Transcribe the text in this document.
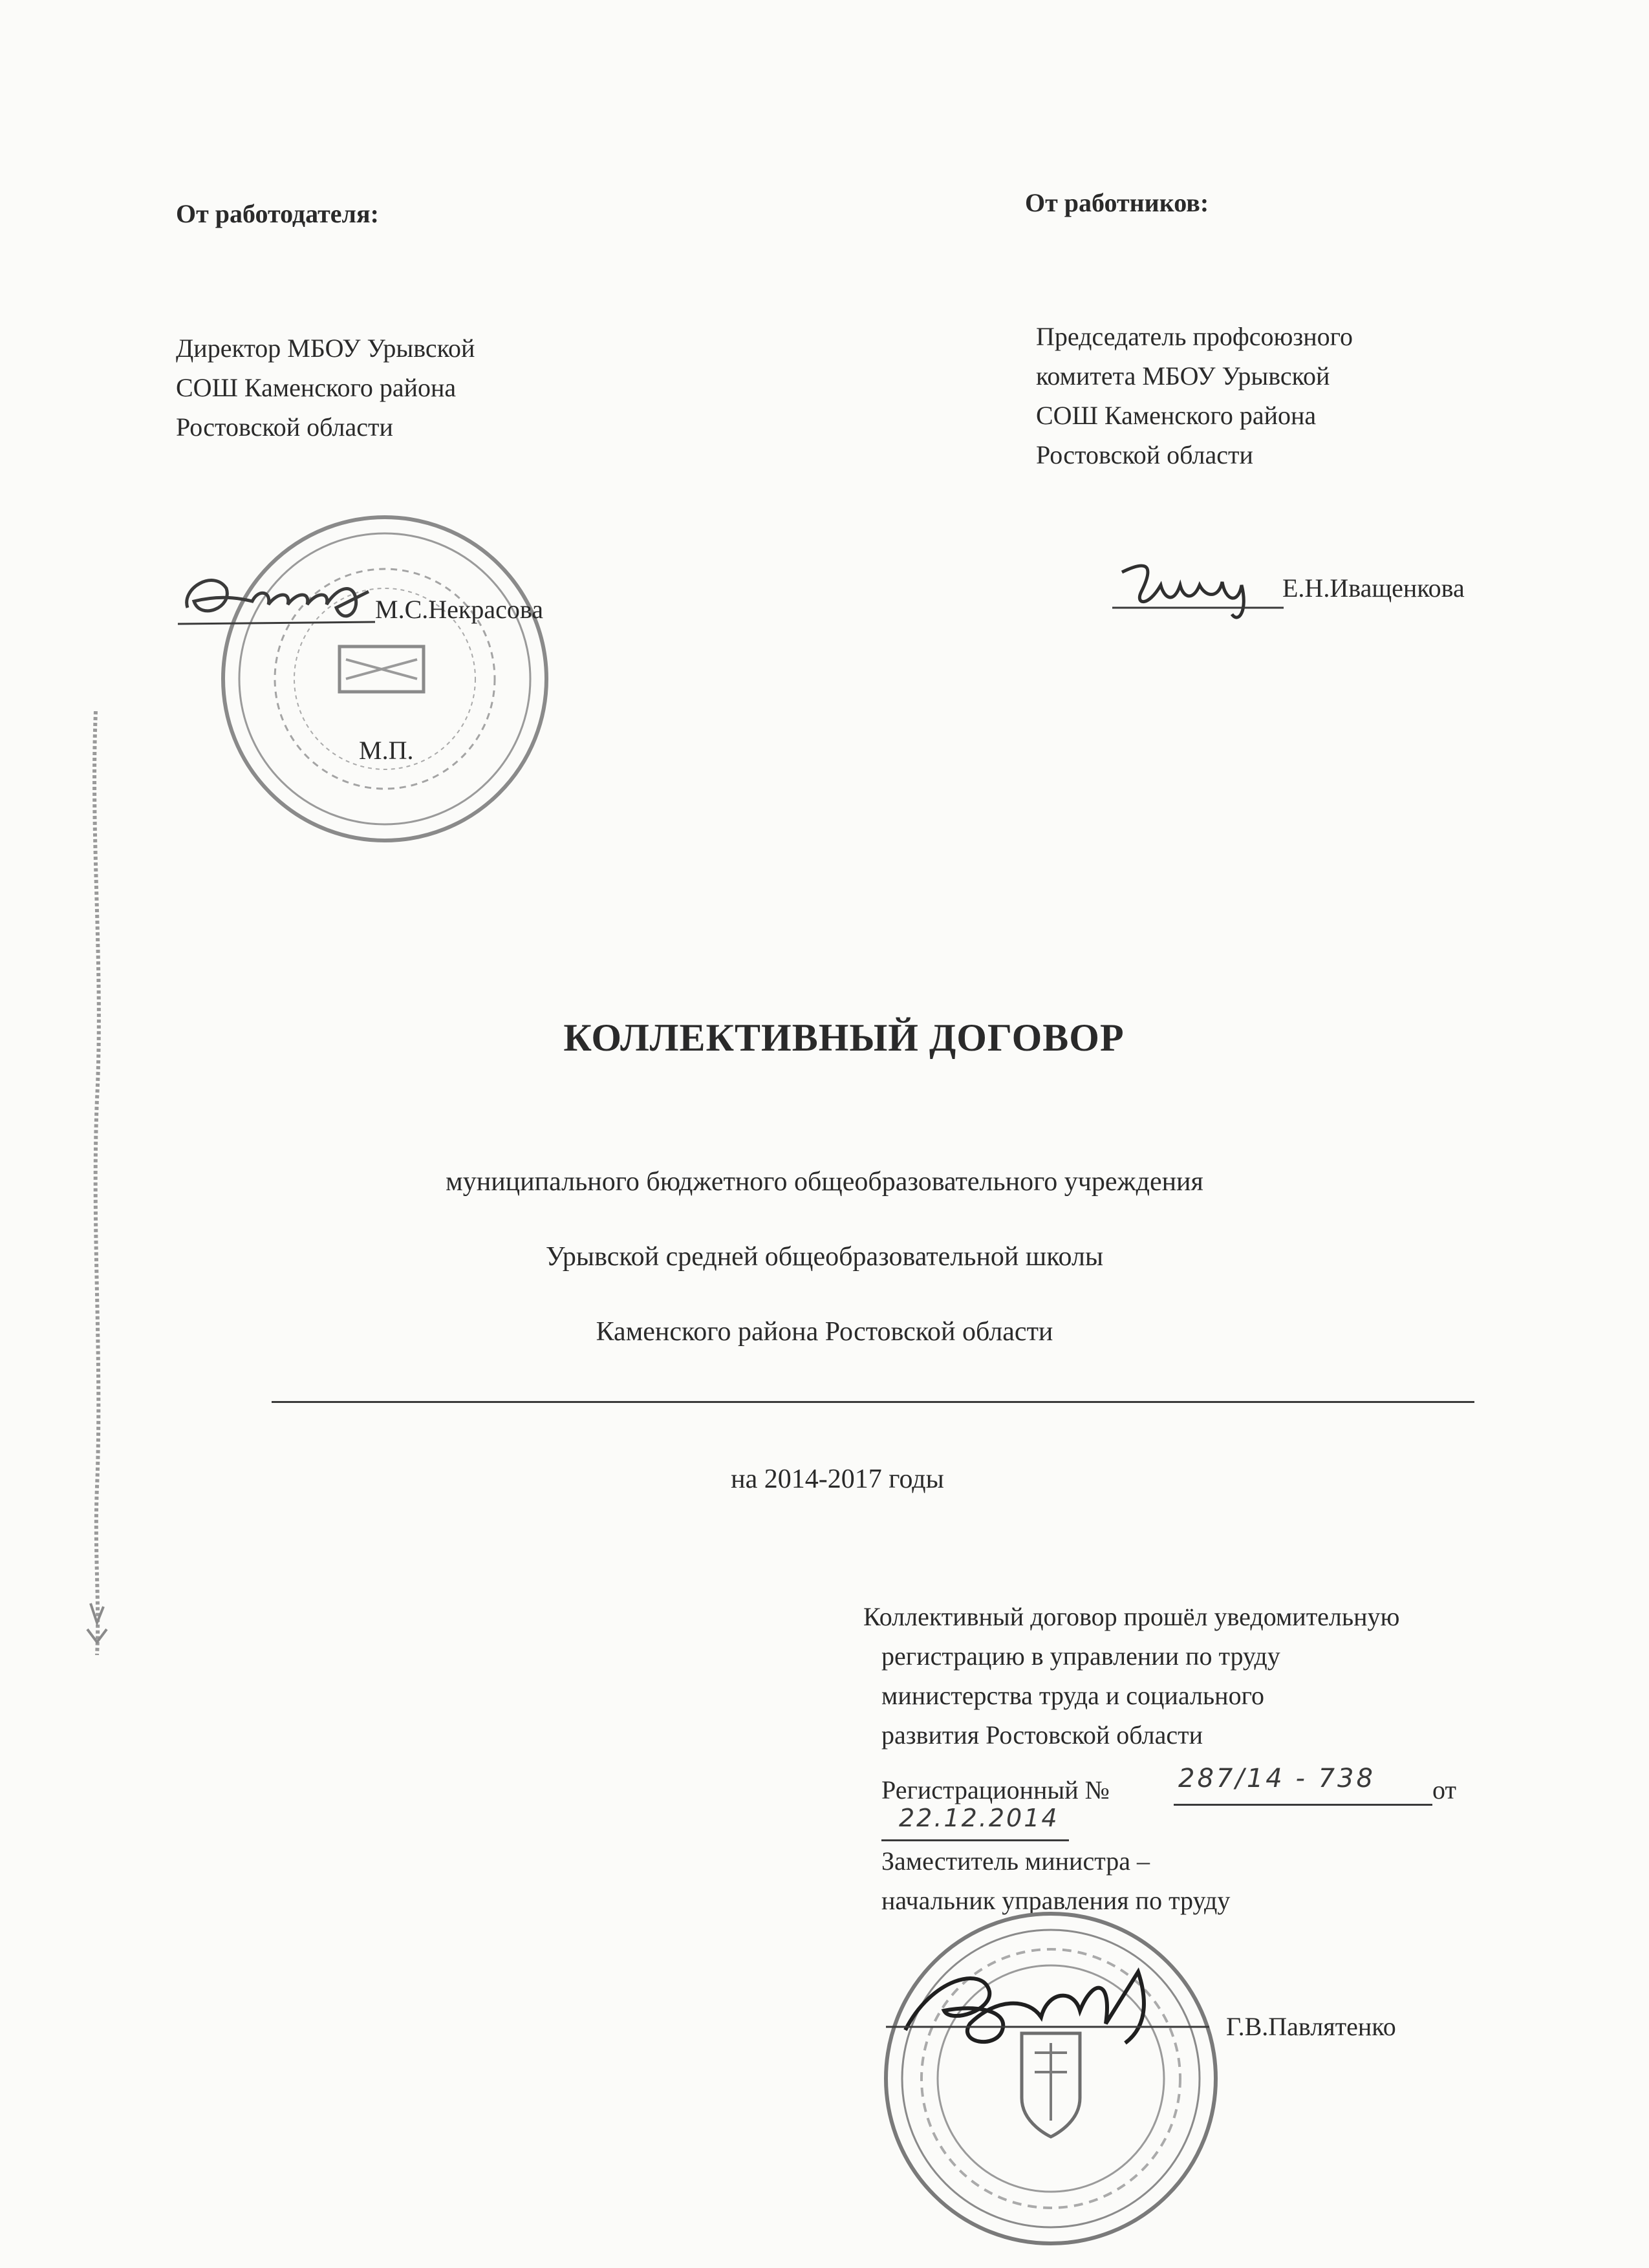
От работодателя:
Директор МБОУ Урывской
СОШ Каменского района
Ростовской области
М.С.Некрасова
М.П.
От работников:
Председатель профсоюзного
комитета МБОУ Урывской
СОШ Каменского района
Ростовской области
Е.Н.Иващенкова
КОЛЛЕКТИВНЫЙ ДОГОВОР
муниципального бюджетного общеобразовательного учреждения
Урывской средней общеобразовательной школы
Каменского района Ростовской области
на 2014-2017 годы
Коллективный договор прошёл уведомительную
регистрацию в управлении по труду
министерства труда и социального
развития Ростовской области
Регистрационный №	287/14 - 738 от
22.12.2014
Заместитель министра –
начальник управления по труду
Г.В.Павлятенко
